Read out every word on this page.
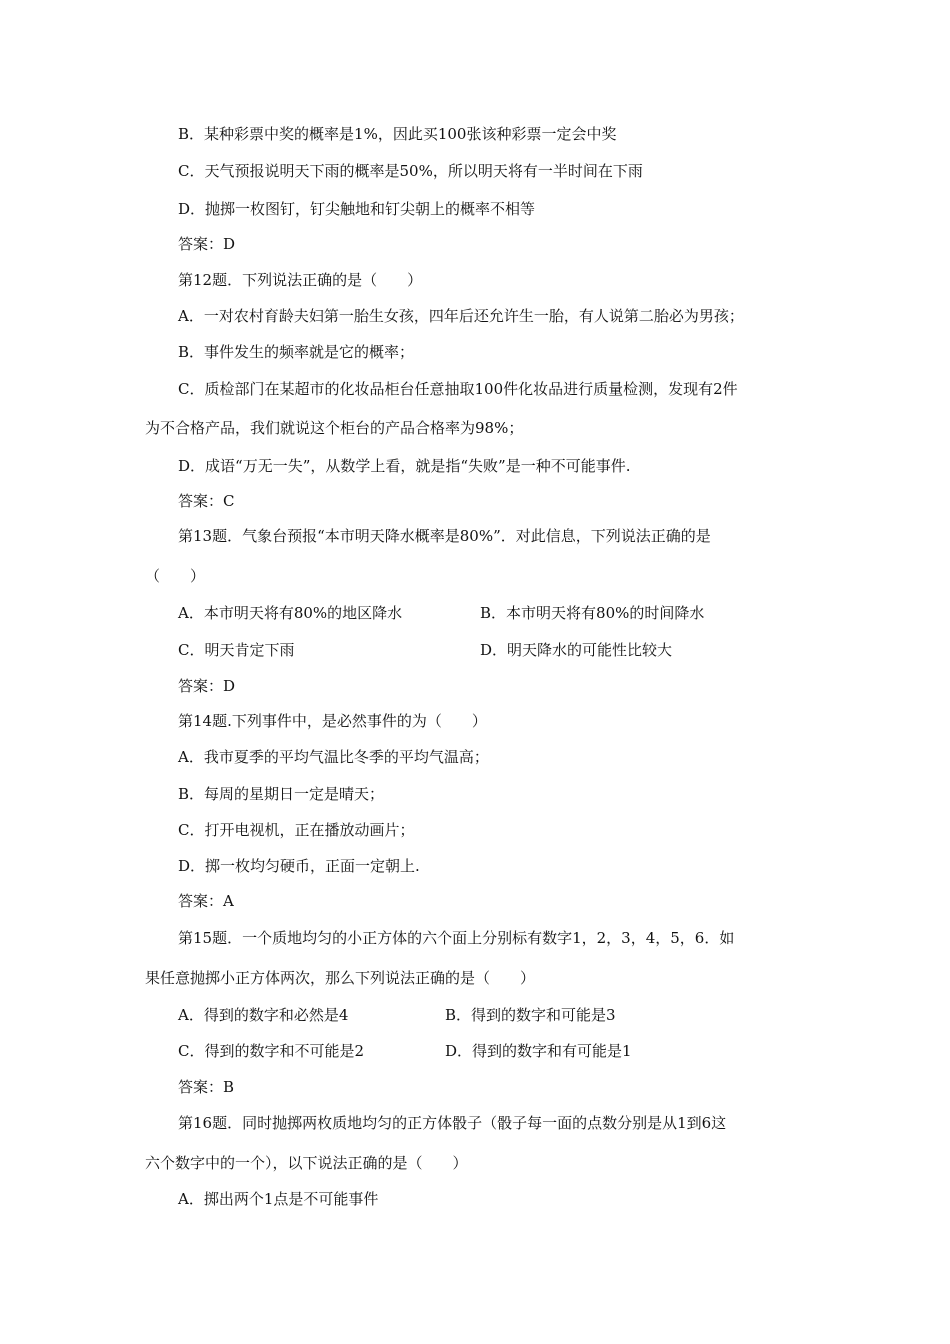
B．某种彩票中奖的概率是1%，因此买100张该种彩票一定会中奖
C．天气预报说明天下雨的概率是50%，所以明天将有一半时间在下雨
D．抛掷一枚图钉，钉尖触地和钉尖朝上的概率不相等
答案：D
第12题．下列说法正确的是（　　）
A．一对农村育龄夫妇第一胎生女孩，四年后还允许生一胎，有人说第二胎必为男孩；
B．事件发生的频率就是它的概率；
C．质检部门在某超市的化妆品柜台任意抽取100件化妆品进行质量检测，发现有2件
为不合格产品，我们就说这个柜台的产品合格率为98%；
D．成语“万无一失”，从数学上看，就是指“失败”是一种不可能事件.
答案：C
第13题．气象台预报“本市明天降水概率是80%”．对此信息，下列说法正确的是
（　　）
A．本市明天将有80%的地区降水	B．本市明天将有80%的时间降水
C．明天肯定下雨	D．明天降水的可能性比较大
答案：D
第14题.下列事件中，是必然事件的为（　　）
A．我市夏季的平均气温比冬季的平均气温高；
B．每周的星期日一定是晴天；
C．打开电视机，正在播放动画片；
D．掷一枚均匀硬币，正面一定朝上.
答案：A
第15题．一个质地均匀的小正方体的六个面上分别标有数字1，2，3，4，5，6．如
果任意抛掷小正方体两次，那么下列说法正确的是（　　）
A．得到的数字和必然是4	B．得到的数字和可能是3
C．得到的数字和不可能是2	D．得到的数字和有可能是1
答案：B
第16题．同时抛掷两枚质地均匀的正方体骰子（骰子每一面的点数分别是从1到6这
六个数字中的一个），以下说法正确的是（　　）
A．掷出两个1点是不可能事件
